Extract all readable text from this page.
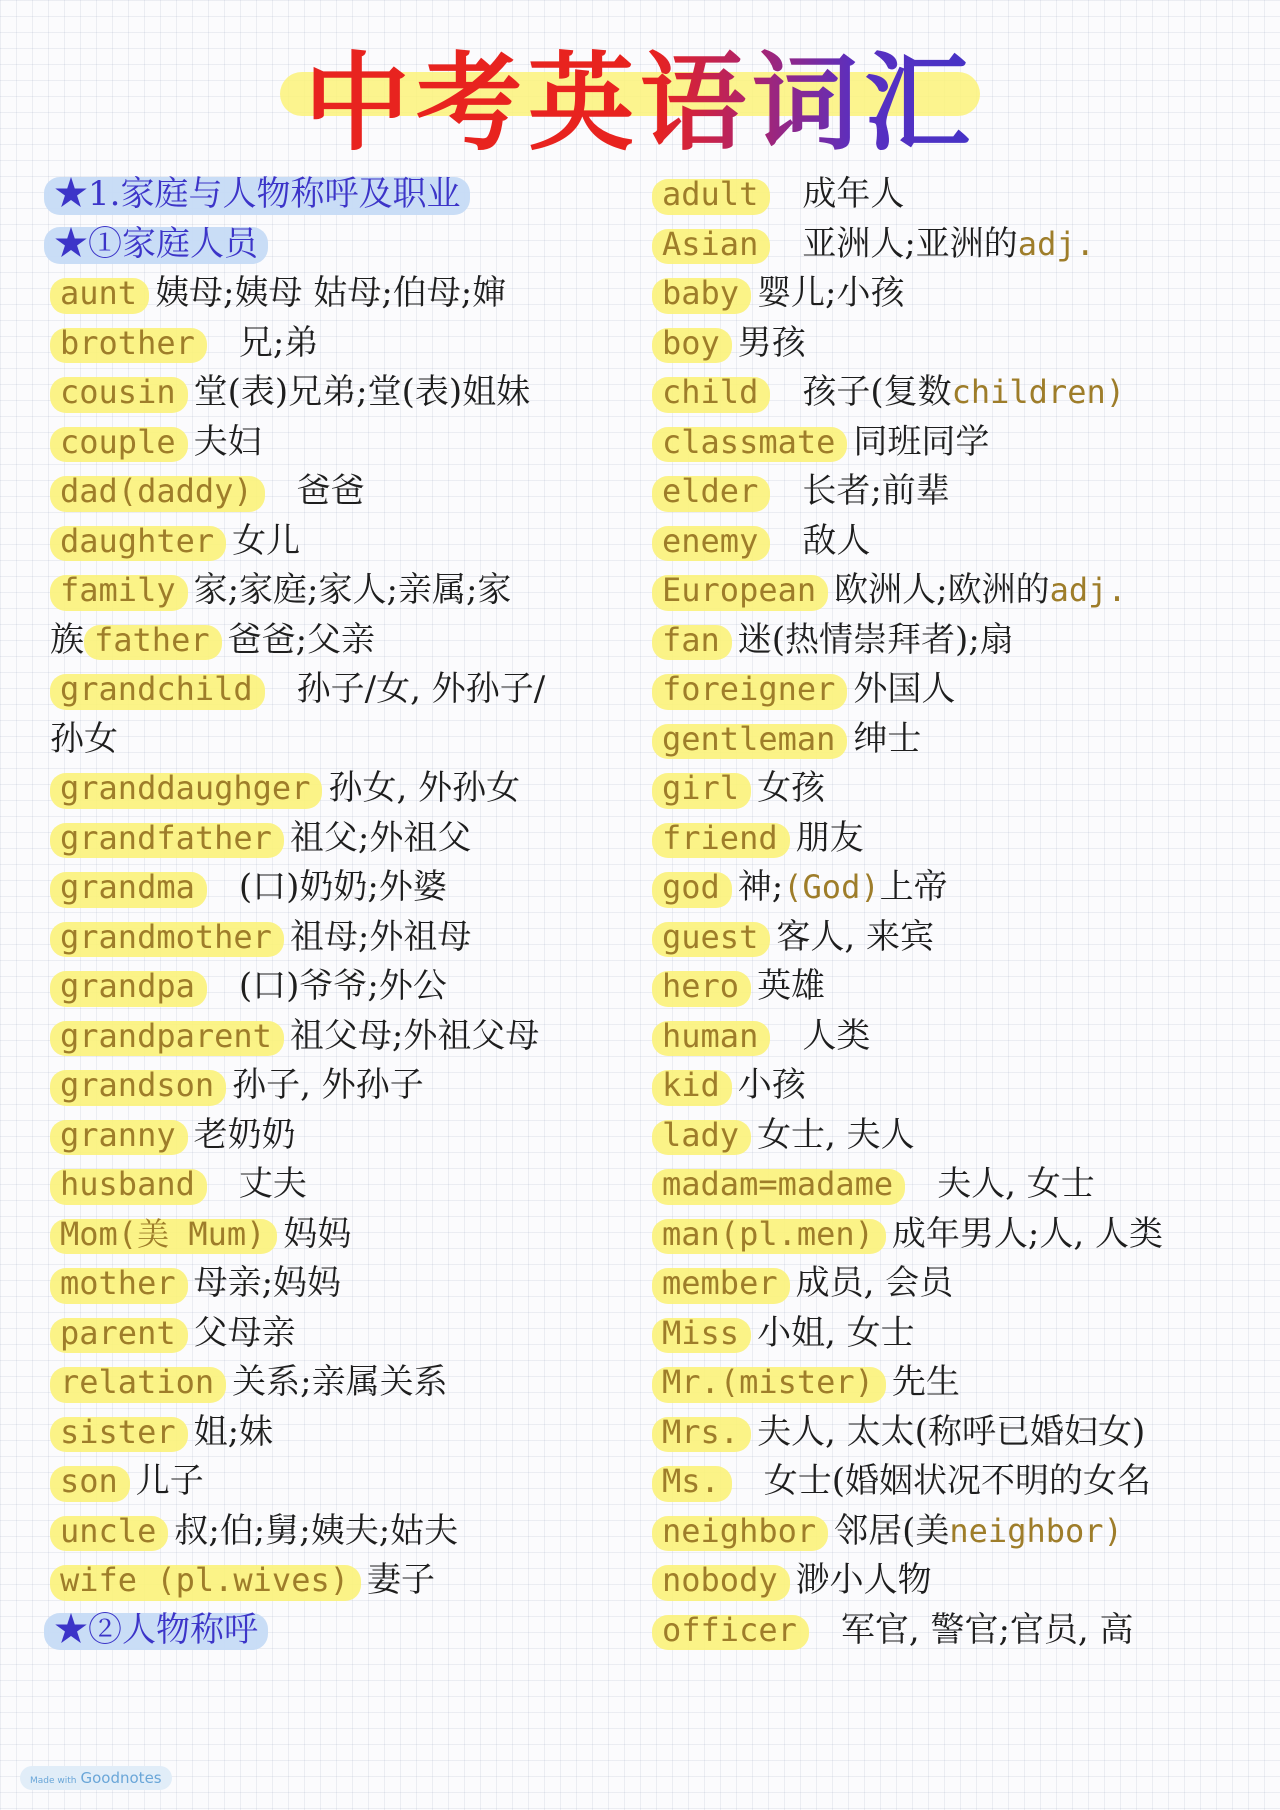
中考英语词汇
★1.家庭与人物称呼及职业
★①家庭人员
aunt 姨母;姨母 姑母;伯母;婶
brother 兄;弟
cousin 堂(表)兄弟;堂(表)姐妹
couple 夫妇
dad(daddy) 爸爸
daughter 女儿
family 家;家庭;家人;亲属;家
族 father 爸爸;父亲
grandchild 孙子/女, 外孙子/
孙女
granddaughger 孙女, 外孙女
grandfather 祖父;外祖父
grandma (口)奶奶;外婆
grandmother 祖母;外祖母
grandpa (口)爷爷;外公
grandparent 祖父母;外祖父母
grandson 孙子, 外孙子
granny 老奶奶
husband 丈夫
Mom(美 Mum) 妈妈
mother 母亲;妈妈
parent 父母亲
relation 关系;亲属关系
sister 姐;妹
son 儿子
uncle 叔;伯;舅;姨夫;姑夫
wife (pl.wives) 妻子
★②人物称呼
adult 成年人
Asian 亚洲人;亚洲的adj.
baby 婴儿;小孩
boy 男孩
child 孩子(复数children)
classmate 同班同学
elder 长者;前辈
enemy 敌人
European 欧洲人;欧洲的adj.
fan 迷(热情崇拜者);扇
foreigner 外国人
gentleman 绅士
girl 女孩
friend 朋友
god 神;(God)上帝
guest 客人, 来宾
hero 英雄
human 人类
kid 小孩
lady 女士, 夫人
madam=madame 夫人, 女士
man(pl.men) 成年男人;人, 人类
member 成员, 会员
Miss 小姐, 女士
Mr.(mister) 先生
Mrs. 夫人, 太太(称呼已婚妇女)
Ms. 女士(婚姻状况不明的女名
neighbor 邻居(美neighbor)
nobody 渺小人物
officer 军官, 警官;官员, 高
Made with Goodnotes
